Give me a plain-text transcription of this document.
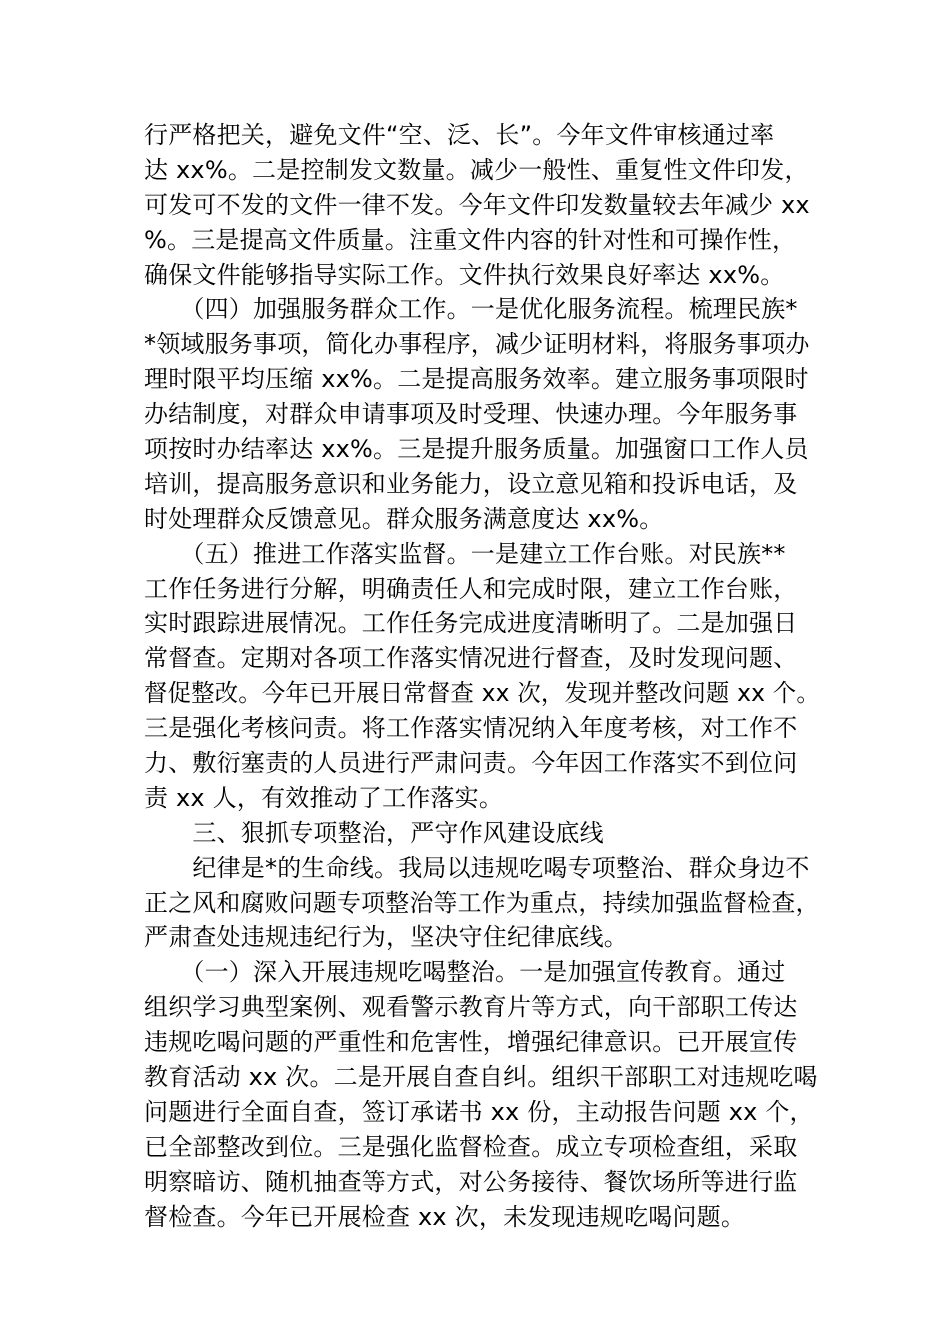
行严格把关，避免文件“空、泛、长”。今年文件审核通过率
达 xx%。二是控制发文数量。减少一般性、重复性文件印发，
可发可不发的文件一律不发。今年文件印发数量较去年减少 xx
%。三是提高文件质量。注重文件内容的针对性和可操作性，
确保文件能够指导实际工作。文件执行效果良好率达 xx%。
　　（四）加强服务群众工作。一是优化服务流程。梳理民族*
*领域服务事项，简化办事程序，减少证明材料，将服务事项办
理时限平均压缩 xx%。二是提高服务效率。建立服务事项限时
办结制度，对群众申请事项及时受理、快速办理。今年服务事
项按时办结率达 xx%。三是提升服务质量。加强窗口工作人员
培训，提高服务意识和业务能力，设立意见箱和投诉电话，及
时处理群众反馈意见。群众服务满意度达 xx%。
　　（五）推进工作落实监督。一是建立工作台账。对民族**
工作任务进行分解，明确责任人和完成时限，建立工作台账，
实时跟踪进展情况。工作任务完成进度清晰明了。二是加强日
常督查。定期对各项工作落实情况进行督查，及时发现问题、
督促整改。今年已开展日常督查 xx 次，发现并整改问题 xx 个。
三是强化考核问责。将工作落实情况纳入年度考核，对工作不
力、敷衍塞责的人员进行严肃问责。今年因工作落实不到位问
责 xx 人，有效推动了工作落实。
　　三、狠抓专项整治，严守作风建设底线
　　纪律是*的生命线。我局以违规吃喝专项整治、群众身边不
正之风和腐败问题专项整治等工作为重点，持续加强监督检查，
严肃查处违规违纪行为，坚决守住纪律底线。
　　（一）深入开展违规吃喝整治。一是加强宣传教育。通过
组织学习典型案例、观看警示教育片等方式，向干部职工传达
违规吃喝问题的严重性和危害性，增强纪律意识。已开展宣传
教育活动 xx 次。二是开展自查自纠。组织干部职工对违规吃喝
问题进行全面自查，签订承诺书 xx 份，主动报告问题 xx 个，
已全部整改到位。三是强化监督检查。成立专项检查组，采取
明察暗访、随机抽查等方式，对公务接待、餐饮场所等进行监
督检查。今年已开展检查 xx 次，未发现违规吃喝问题。
